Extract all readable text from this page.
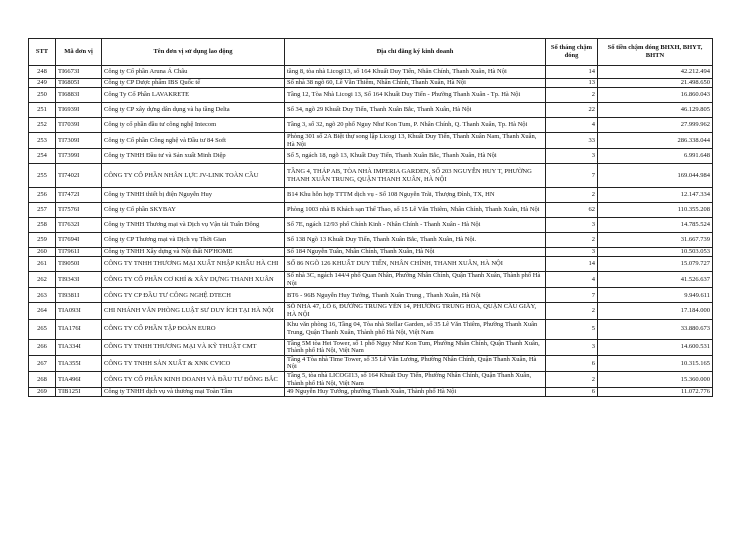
STT	Mã đơn vị	Tên đơn vị sử dụng lao động	Địa chỉ đăng ký kinh doanh	Số tháng chậm đóng	Số tiền chậm đóng BHXH, BHYT, BHTN
248	TI6673I	Công ty Cổ phần Aruna Á Châu	tầng 8, tòa nhà Licogi13, số 164 Khuất Duy Tiến, Nhân Chính, Thanh Xuân, Hà Nội	14	42.212.494
249	TI6805I	Công ty CP Dược phẩm IBS Quốc tế	Số nhà 38 ngõ 60, Lê Văn Thiêm, Nhân Chính, Thanh Xuân, Hà Nội	13	21.498.650
250	TI6883I	Công Ty Cổ Phần LAVAKRETE	Tầng 12, Tòa Nhà Licogi 13, Số 164 Khuất Duy Tiến - Phường Thanh Xuân - Tp. Hà Nội	2	16.860.043
251	TI6939I	Công ty CP xây dựng dân dụng và hạ tầng Delta	Số 34, ngõ 29 Khuất Duy Tiến, Thanh Xuân Bắc, Thanh Xuân, Hà Nội	22	46.129.805
252	TI7039I	Công ty cổ phần đầu tư công nghệ Intecom	Tầng 3, số 32, ngõ 20 phố Nguy Như Kon Tum, P. Nhân Chính, Q. Thanh Xuân, Tp. Hà Nội	4	27.999.962
253	TI7309I	Công ty Cổ phần Công nghệ và Đầu tư 84 Soft	Phòng 301 số 2A Biệt thự song lập Licogi 13, Khuất Duy Tiến, Thanh Xuân Nam, Thanh Xuân, Hà Nội	33	286.338.044
254	TI7399I	Công ty TNHH Đầu tư và Sản xuất Minh Diệp	Số 5, ngách 18, ngõ 13, Khuất Duy Tiến, Thanh Xuân Bắc, Thanh Xuân, Hà Nội	3	6.991.648
255	TI7402I	CÔNG TY CỔ PHẦN NHÂN LỰC JV-LINK TOÀN CẦU	TẦNG 4, THÁP AB, TÒA NHÀ IMPERIA GARDEN, SỐ 203 NGUYỄN HUY T, PHƯỜNG THANH XUÂN TRUNG, QUẬN THANH XUÂN, HÀ NỘI	7	169.044.984
256	TI7472I	Công ty TNHH thiết bị điện Nguyễn Huy	B14 Khu hỗn hợp TTTM dịch vụ - Số 108 Nguyễn Trãi, Thượng Đình, TX, HN	2	12.147.334
257	TI7576I	Công ty Cổ phần SKYBAY	Phòng 1003 nhà B Khách sạn Thể Thao, số 15 Lê Văn Thiêm, Nhân Chính, Thanh Xuân, Hà Nội	62	110.355.208
258	TI7632I	Công ty TNHH Thương mại và Dịch vụ Vận tải Tuấn Đông	Số 7E, ngách 12/93 phố Chính Kinh - Nhân Chính - Thanh Xuân - Hà Nội	3	14.785.524
259	TI7694I	Công ty CP Thương mại và Dịch vụ Thời Gian	Số 138 Ngõ 13 Khuất Duy Tiến, Thanh Xuân Bắc, Thanh Xuân, Hà Nội.	2	31.667.739
260	TI7961I	Công ty TNHH Xây dựng và Nội thất NP'HOME	Số 184 Nguyễn Tuân, Nhân Chính, Thanh Xuân, Hà Nội	3	10.503.053
261	TI9050I	CÔNG TY TNHH THƯƠNG MẠI XUẤT NHẬP KHẨU HÀ CHI	SỐ 86 NGÕ 126 KHUẤT DUY TIẾN, NHÂN CHÍNH, THANH XUÂN, HÀ NỘI	14	15.079.727
262	TI9343I	CÔNG TY CỔ PHẦN CƠ KHÍ & XÂY DỰNG THANH XUÂN	Số nhà 3C, ngách 144/4 phố Quan Nhân, Phường Nhân Chính, Quận Thanh Xuân, Thành phố Hà Nội	4	41.526.637
263	TI9381I	CÔNG TY CP ĐẦU TƯ CÔNG NGHỆ DTECH	BT6 - 96B Nguyễn Huy Tưởng, Thanh Xuân Trung , Thanh Xuân, Hà Nội	7	9.949.611
264	TIA093I	CHI NHÁNH VĂN PHÒNG LUẬT SƯ DUY ÍCH TẠI HÀ NỘI	SỐ NHÀ 47, LÔ 6, ĐƯỜNG TRUNG YÊN 14, PHƯỜNG TRUNG HOÀ, QUẬN CẦU GIẤY, HÀ NỘI	2	17.184.000
265	TIA176I	CÔNG TY CỔ PHẦN TẬP ĐOÀN EURO	Khu văn phòng 16, Tầng 04, Tòa nhà Stellar Garden, số 35 Lê Văn Thiêm, Phường Thanh Xuân Trung, Quận Thanh Xuân, Thành phố Hà Nội, Việt Nam	5	33.880.673
266	TIA334I	CÔNG TY TNHH THƯƠNG MẠI VÀ KỸ THUẬT CMT	Tầng 5M tòa Hei Tower, số 1 phố Ngụy Như Kon Tum, Phường Nhân Chính, Quận Thanh Xuân, Thành phố Hà Nội, Việt Nam	3	14.600.531
267	TIA355I	CÔNG TY TNHH SẢN XUẤT & XNK CVICO	Tầng 4 Tòa nhà Time Tower, số 35 Lê Văn Lương, Phường Nhân Chính, Quận Thanh Xuân, Hà Nội	6	10.315.165
268	TIA496I	CÔNG TY CỔ PHẦN KINH DOANH VÀ ĐẦU TƯ ĐÔNG BẮC	Tầng 5, tòa nhà LICOGI13, số 164 Khuất Duy Tiến, Phường Nhân Chính, Quận Thanh Xuân, Thành phố Hà Nội, Việt Nam	2	15.360.000
269	TIB125I	Công ty TNHH dịch vụ và thương mại Toàn Tâm	49 Nguyễn Huy Tưởng, phường Thanh Xuân, Thành phố Hà Nội	6	11.072.776
